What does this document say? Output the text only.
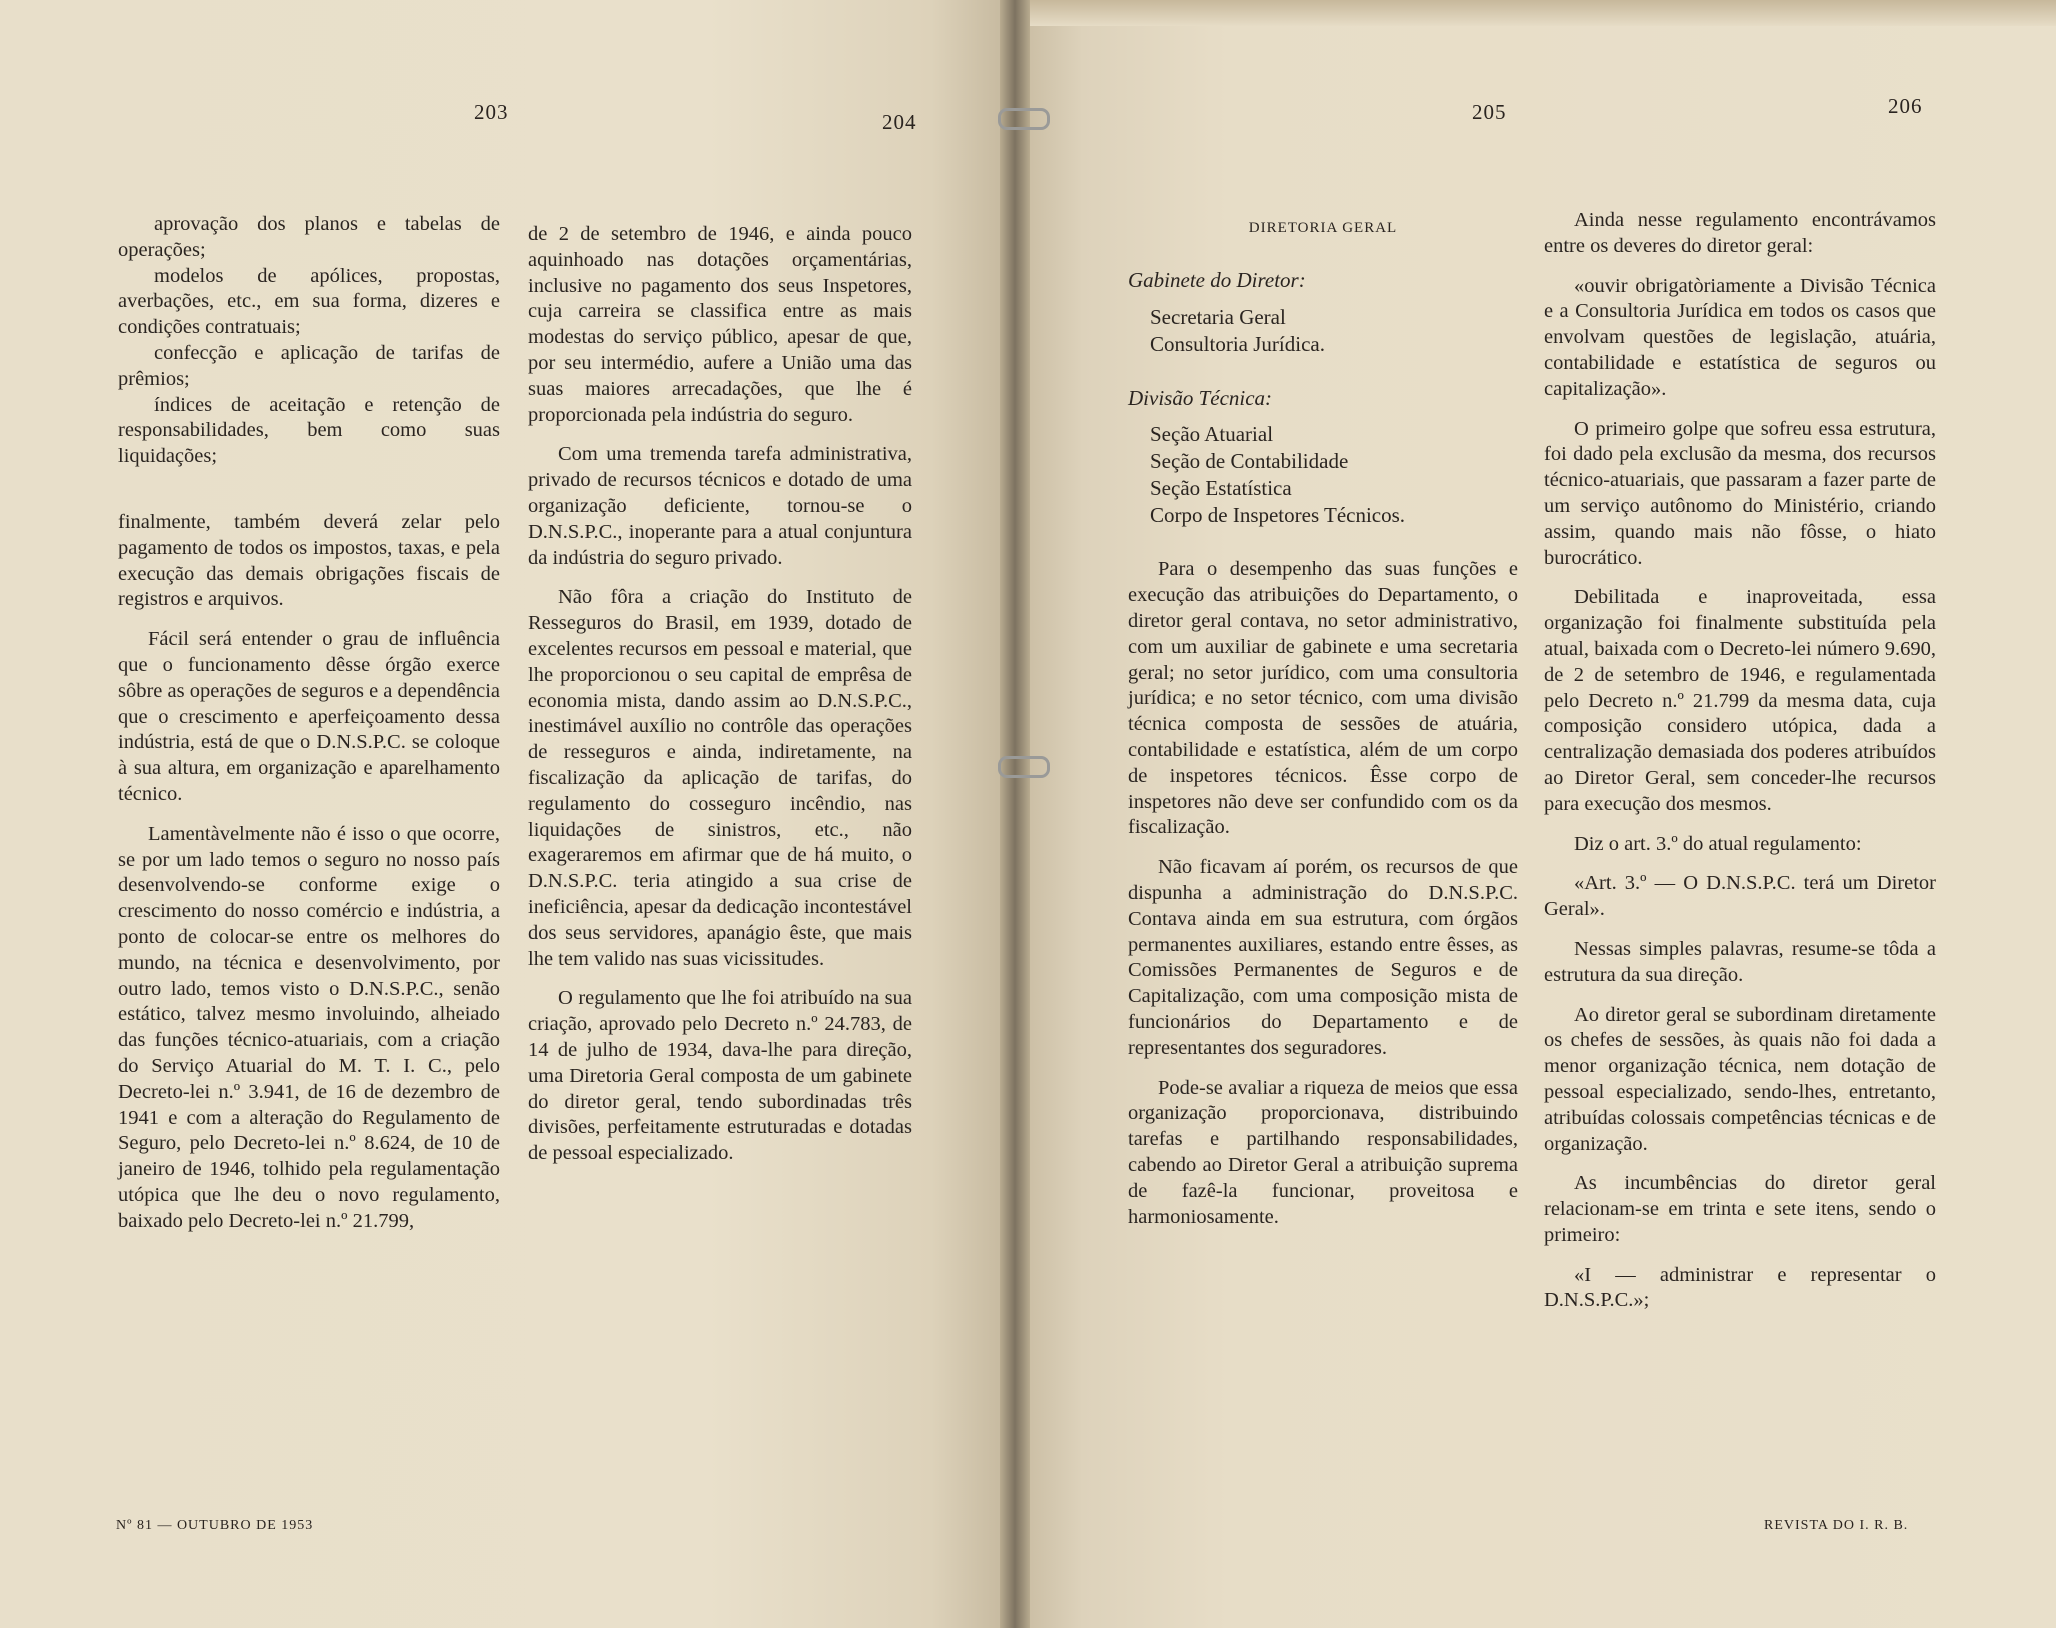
203

aprovação dos planos e tabelas de operações;

modelos de apólices, propostas, averbações, etc., em sua forma, dizeres e condições contratuais;

confecção e aplicação de tarifas de prêmios;

índices de aceitação e retenção de responsabilidades, bem como suas liquidações;

finalmente, também deverá zelar pelo pagamento de todos os impostos, taxas, e pela execução das demais obrigações fiscais de registros e arquivos.

Fácil será entender o grau de influência que o funcionamento dêsse órgão exerce sôbre as operações de seguros e a dependência que o crescimento e aperfeiçoamento dessa indústria, está de que o D.N.S.P.C. se coloque à sua altura, em organização e aparelhamento técnico.

Lamentàvelmente não é isso o que ocorre, se por um lado temos o seguro no nosso país desenvolvendo-se conforme exige o crescimento do nosso comércio e indústria, a ponto de colocar-se entre os melhores do mundo, na técnica e desenvolvimento, por outro lado, temos visto o D.N.S.P.C., senão estático, talvez mesmo involuindo, alheiado das funções técnico-atuariais, com a criação do Serviço Atuarial do M. T. I. C., pelo Decreto-lei n.º 3.941, de 16 de dezembro de 1941 e com a alteração do Regulamento de Seguro, pelo Decreto-lei n.º 8.624, de 10 de janeiro de 1946, tolhido pela regulamentação utópica que lhe deu o novo regulamento, baixado pelo Decreto-lei n.º 21.799,

Nº 81 — OUTUBRO DE 1953
204

de 2 de setembro de 1946, e ainda pouco aquinhoado nas dotações orçamentárias, inclusive no pagamento dos seus Inspetores, cuja carreira se classifica entre as mais modestas do serviço público, apesar de que, por seu intermédio, aufere a União uma das suas maiores arrecadações, que lhe é proporcionada pela indústria do seguro.

Com uma tremenda tarefa administrativa, privado de recursos técnicos e dotado de uma organização deficiente, tornou-se o D.N.S.P.C., inoperante para a atual conjuntura da indústria do seguro privado.

Não fôra a criação do Instituto de Resseguros do Brasil, em 1939, dotado de excelentes recursos em pessoal e material, que lhe proporcionou o seu capital de emprêsa de economia mista, dando assim ao D.N.S.P.C., inestimável auxílio no contrôle das operações de resseguros e ainda, indiretamente, na fiscalização da aplicação de tarifas, do regulamento do cosseguro incêndio, nas liquidações de sinistros, etc., não exageraremos em afirmar que de há muito, o D.N.S.P.C. teria atingido a sua crise de ineficiência, apesar da dedicação incontestável dos seus servidores, apanágio êste, que mais lhe tem valido nas suas vicissitudes.

O regulamento que lhe foi atribuído na sua criação, aprovado pelo Decreto n.º 24.783, de 14 de julho de 1934, dava-lhe para direção, uma Diretoria Geral composta de um gabinete do diretor geral, tendo subordinadas três divisões, perfeitamente estruturadas e dotadas de pessoal especializado.

205
DIRETORIA GERAL
Gabinete do Diretor:
Secretaria Geral
Consultoria Jurídica.
Divisão Técnica:
Seção Atuarial
Seção de Contabilidade
Seção Estatística
Corpo de Inspetores Técnicos.

Para o desempenho das suas funções e execução das atribuições do Departamento, o diretor geral contava, no setor administrativo, com um auxiliar de gabinete e uma secretaria geral; no setor jurídico, com uma consultoria jurídica; e no setor técnico, com uma divisão técnica composta de sessões de atuária, contabilidade e estatística, além de um corpo de inspetores técnicos. Êsse corpo de inspetores não deve ser confundido com os da fiscalização.

Não ficavam aí porém, os recursos de que dispunha a administração do D.N.S.P.C. Contava ainda em sua estrutura, com órgãos permanentes auxiliares, estando entre êsses, as Comissões Permanentes de Seguros e de Capitalização, com uma composição mista de funcionários do Departamento e de representantes dos seguradores.

Pode-se avaliar a riqueza de meios que essa organização proporcionava, distribuindo tarefas e partilhando responsabilidades, cabendo ao Diretor Geral a atribuição suprema de fazê-la funcionar, proveitosa e harmoniosamente.

206

Ainda nesse regulamento encontrávamos entre os deveres do diretor geral:

«ouvir obrigatòriamente a Divisão Técnica e a Consultoria Jurídica em todos os casos que envolvam questões de legislação, atuária, contabilidade e estatística de seguros ou capitalização».

O primeiro golpe que sofreu essa estrutura, foi dado pela exclusão da mesma, dos recursos técnico-atuariais, que passaram a fazer parte de um serviço autônomo do Ministério, criando assim, quando mais não fôsse, o hiato burocrático.

Debilitada e inaproveitada, essa organização foi finalmente substituída pela atual, baixada com o Decreto-lei número 9.690, de 2 de setembro de 1946, e regulamentada pelo Decreto n.º 21.799 da mesma data, cuja composição considero utópica, dada a centralização demasiada dos poderes atribuídos ao Diretor Geral, sem conceder-lhe recursos para execução dos mesmos.

Diz o art. 3.º do atual regulamento:

«Art. 3.º — O D.N.S.P.C. terá um Diretor Geral».

Nessas simples palavras, resume-se tôda a estrutura da sua direção.

Ao diretor geral se subordinam diretamente os chefes de sessões, às quais não foi dada a menor organização técnica, nem dotação de pessoal especializado, sendo-lhes, entretanto, atribuídas colossais competências técnicas e de organização.

As incumbências do diretor geral relacionam-se em trinta e sete itens, sendo o primeiro:

«I — administrar e representar o D.N.S.P.C.»;

REVISTA DO I. R. B.
